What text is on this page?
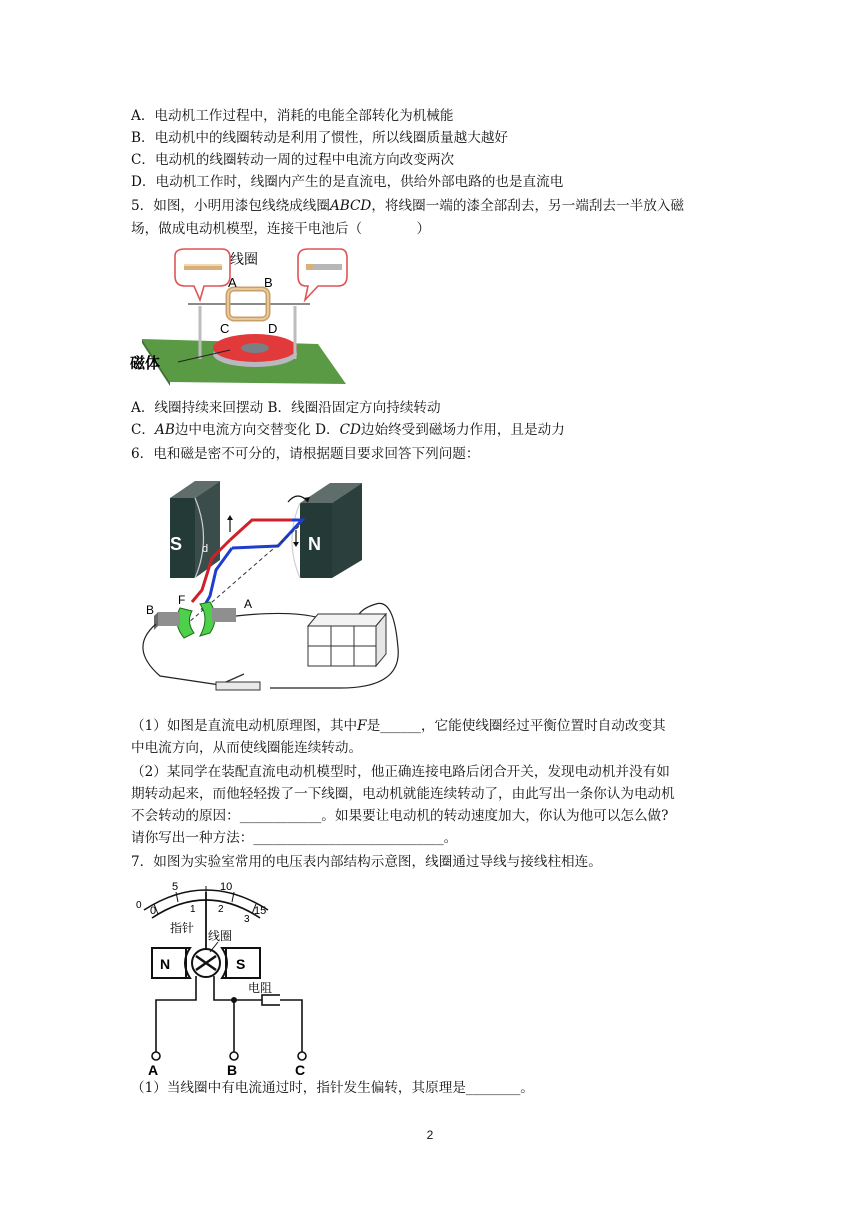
A．电动机工作过程中，消耗的电能全部转化为机械能
B．电动机中的线圈转动是利用了惯性，所以线圈质量越大越好
C．电动机的线圈转动一周的过程中电流方向改变两次
D．电动机工作时，线圈内产生的是直流电，供给外部电路的也是直流电
5．如图，小明用漆包线绕成线圈ABCD，将线圈一端的漆全部刮去，另一端刮去一半放入磁
场，做成电动机模型，连接干电池后（　　　　）
线圈
A B
C	D
磁体
A．线圈持续来回摆动 B．线圈沿固定方向持续转动
C．AB边中电流方向交替变化 D．CD边始终受到磁场力作用，且是动力
6．电和磁是密不可分的，请根据题目要求回答下列问题：
S	N
c
d	a
B
F	A
（1）如图是直流电动机原理图，其中F是______，它能使线圈经过平衡位置时自动改变其
中电流方向，从而使线圈能连续转动。
（2）某同学在装配直流电动机模型时，他正确连接电路后闭合开关，发现电动机并没有如
期转动起来，而他轻轻拨了一下线圈，电动机就能连续转动了，由此写出一条你认为电动机
不会转动的原因：____________。如果要让电动机的转动速度加大，你认为他可以怎么做?
请你写出一种方法：____________________________。
7．如图为实验室常用的电压表内部结构示意图，线圈通过导线与接线柱相连。
0
5	10
15
0	1 2
3
指针
线圈
N	S
电阻
A	B	C
（1）当线圈中有电流通过时，指针发生偏转，其原理是________。
2
